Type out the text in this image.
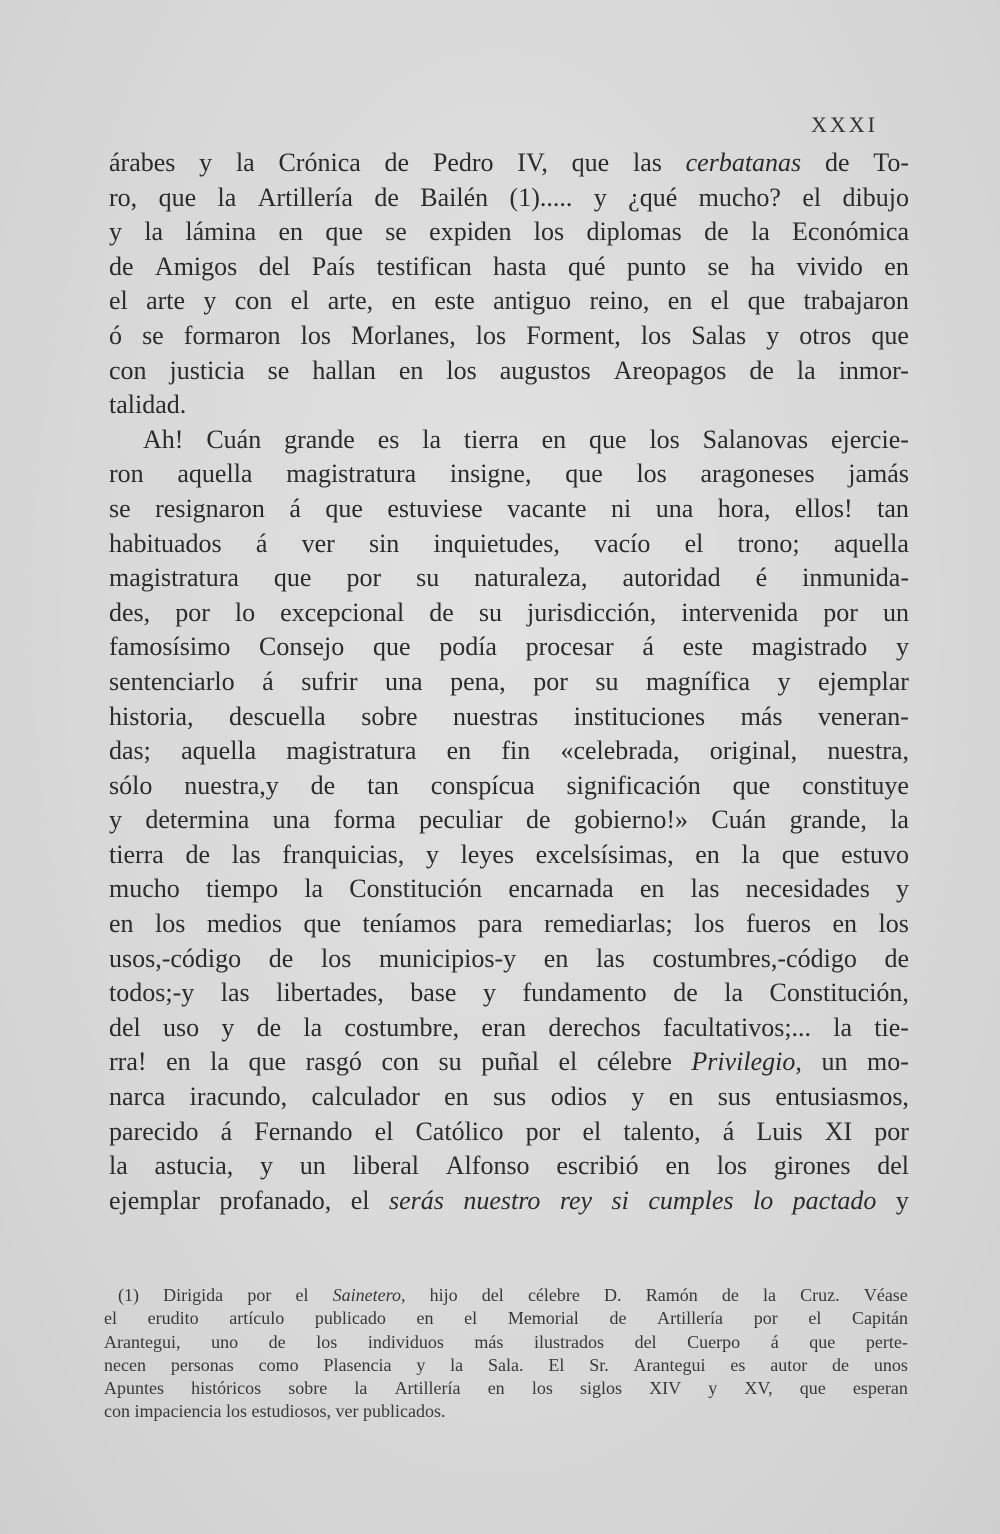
XXXI
árabes y la Crónica de Pedro IV, que las cerbatanas de To-
ro, que la Artillería de Bailén (1)..... y ¿qué mucho? el dibujo
y la lámina en que se expiden los diplomas de la Económica
de Amigos del País testifican hasta qué punto se ha vivido en
el arte y con el arte, en este antiguo reino, en el que trabajaron
ó se formaron los Morlanes, los Forment, los Salas y otros que
con justicia se hallan en los augustos Areopagos de la inmor-
talidad.
Ah! Cuán grande es la tierra en que los Salanovas ejercie-
ron aquella magistratura insigne, que los aragoneses jamás
se resignaron á que estuviese vacante ni una hora, ellos! tan
habituados á ver sin inquietudes, vacío el trono; aquella
magistratura que por su naturaleza, autoridad é inmunida-
des, por lo excepcional de su jurisdicción, intervenida por un
famosísimo Consejo que podía procesar á este magistrado y
sentenciarlo á sufrir una pena, por su magnífica y ejemplar
historia, descuella sobre nuestras instituciones más veneran-
das; aquella magistratura en fin «celebrada, original, nuestra,
sólo nuestra,y de tan conspícua significación que constituye
y determina una forma peculiar de gobierno!» Cuán grande, la
tierra de las franquicias, y leyes excelsísimas, en la que estuvo
mucho tiempo la Constitución encarnada en las necesidades y
en los medios que teníamos para remediarlas; los fueros en los
usos,-código de los municipios-y en las costumbres,-código de
todos;-y las libertades, base y fundamento de la Constitución,
del uso y de la costumbre, eran derechos facultativos;... la tie-
rra! en la que rasgó con su puñal el célebre Privilegio, un mo-
narca iracundo, calculador en sus odios y en sus entusiasmos,
parecido á Fernando el Católico por el talento, á Luis XI por
la astucia, y un liberal Alfonso escribió en los girones del
ejemplar profanado, el serás nuestro rey si cumples lo pactado y
(1) Dirigida por el Sainetero, hijo del célebre D. Ramón de la Cruz. Véase
el erudito artículo publicado en el Memorial de Artillería por el Capitán
Arantegui, uno de los individuos más ilustrados del Cuerpo á que perte-
necen personas como Plasencia y la Sala. El Sr. Arantegui es autor de unos
Apuntes históricos sobre la Artillería en los siglos XIV y XV, que esperan
con impaciencia los estudiosos, ver publicados.
